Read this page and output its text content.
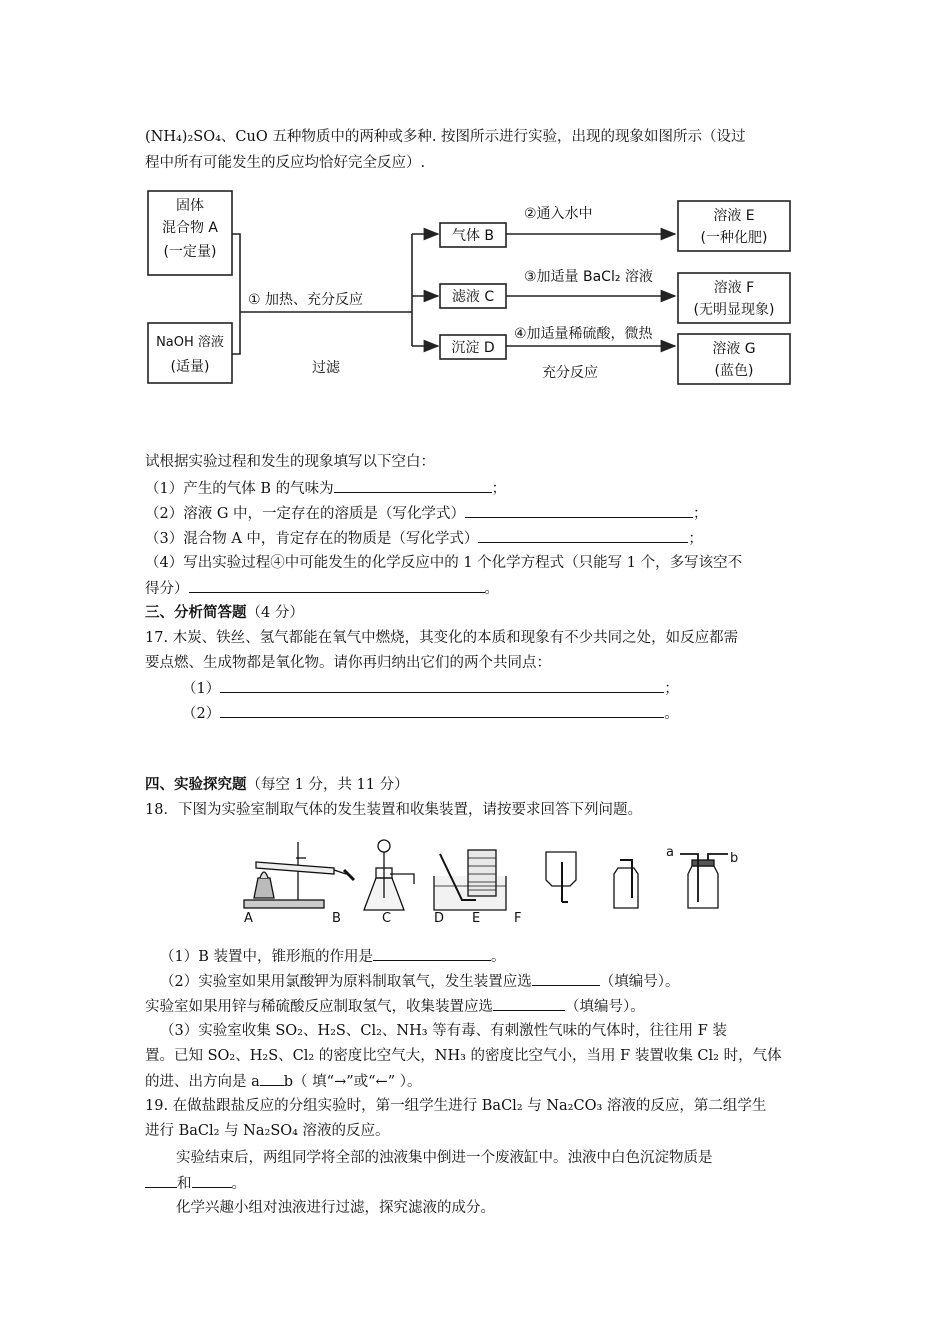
(NH₄)₂SO₄、CuO 五种物质中的两种或多种. 按图所示进行实验，出现的现象如图所示（设过
程中所有可能发生的反应均恰好完全反应）.
固体
混合物 A
(一定量)
NaOH 溶液
(适量)
① 加热、充分反应
过滤
气体 B
滤液 C
沉淀 D
②通入水中
③加适量 BaCl₂ 溶液
④加适量稀硫酸，微热
充分反应
溶液 E
(一种化肥)
溶液 F
(无明显现象)
溶液 G
(蓝色)
试根据实验过程和发生的现象填写以下空白：
（1）产生的气体 B 的气味为	；
（2）溶液 G 中，一定存在的溶质是（写化学式）	；
（3）混合物 A 中，肯定存在的物质是（写化学式）	；
（4）写出实验过程④中可能发生的化学反应中的 1 个化学方程式（只能写 1 个，多写该空不
得分）	。
三、分析简答题（4 分）
17. 木炭、铁丝、氢气都能在氧气中燃烧，其变化的本质和现象有不少共同之处，如反应都需
要点燃、生成物都是氧化物。请你再归纳出它们的两个共同点：
（1）	；
（2）	。
四、实验探究题（每空 1 分，共 11 分）
18．下图为实验室制取气体的发生装置和收集装置，请按要求回答下列问题。
A	B	C	D E	F
a	b
（1）B 装置中，锥形瓶的作用是	。
（2）实验室如果用氯酸钾为原料制取氧气，发生装置应选	（填编号）。
实验室如果用锌与稀硫酸反应制取氢气，收集装置应选	（填编号）。
（3）实验室收集 SO₂、H₂S、Cl₂、NH₃ 等有毒、有刺激性气味的气体时，往往用 F 装
置。已知 SO₂、H₂S、Cl₂ 的密度比空气大，NH₃ 的密度比空气小，当用 F 装置收集 Cl₂ 时，气体
的进、出方向是 a b（ 填“→”或“←” ）。
19. 在做盐跟盐反应的分组实验时，第一组学生进行 BaCl₂ 与 Na₂CO₃ 溶液的反应，第二组学生
进行 BaCl₂ 与 Na₂SO₄ 溶液的反应。
实验结束后，两组同学将全部的浊液集中倒进一个废液缸中。浊液中白色沉淀物质是
和	。
化学兴趣小组对浊液进行过滤，探究滤液的成分。
